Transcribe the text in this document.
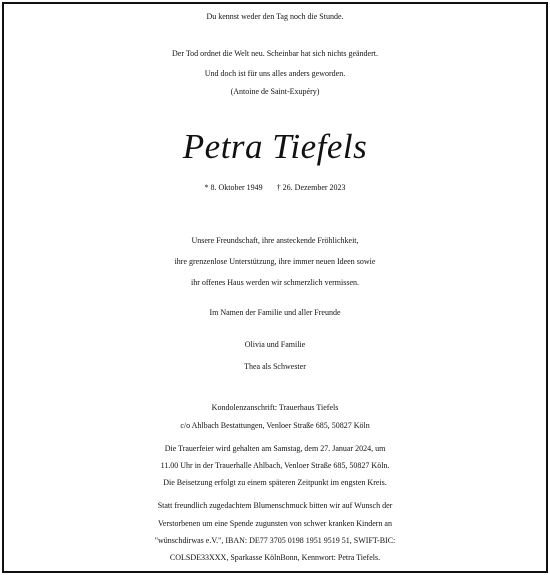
Du kennst weder den Tag noch die Stunde.
Der Tod ordnet die Welt neu. Scheinbar hat sich nichts geändert.
Und doch ist für uns alles anders geworden.
(Antoine de Saint-Exupéry)
Petra Tiefels
* 8. Oktober 1949 † 26. Dezember 2023
Unsere Freundschaft, ihre ansteckende Fröhlichkeit,
ihre grenzenlose Unterstützung, ihre immer neuen Ideen sowie
ihr offenes Haus werden wir schmerzlich vermissen.
Im Namen der Familie und aller Freunde
Olivia und Familie
Thea als Schwester
Kondolenzanschrift: Trauerhaus Tiefels
c/o Ahlbach Bestattungen, Venloer Straße 685, 50827 Köln
Die Trauerfeier wird gehalten am Samstag, dem 27. Januar 2024, um
11.00 Uhr in der Trauerhalle Ahlbach, Venloer Straße 685, 50827 Köln.
Die Beisetzung erfolgt zu einem späteren Zeitpunkt im engsten Kreis.
Statt freundlich zugedachtem Blumenschmuck bitten wir auf Wunsch der
Verstorbenen um eine Spende zugunsten von schwer kranken Kindern an
"wünschdirwas e.V.", IBAN: DE77 3705 0198 1951 9519 51, SWIFT-BIC:
COLSDE33XXX, Sparkasse KölnBonn, Kennwort: Petra Tiefels.
